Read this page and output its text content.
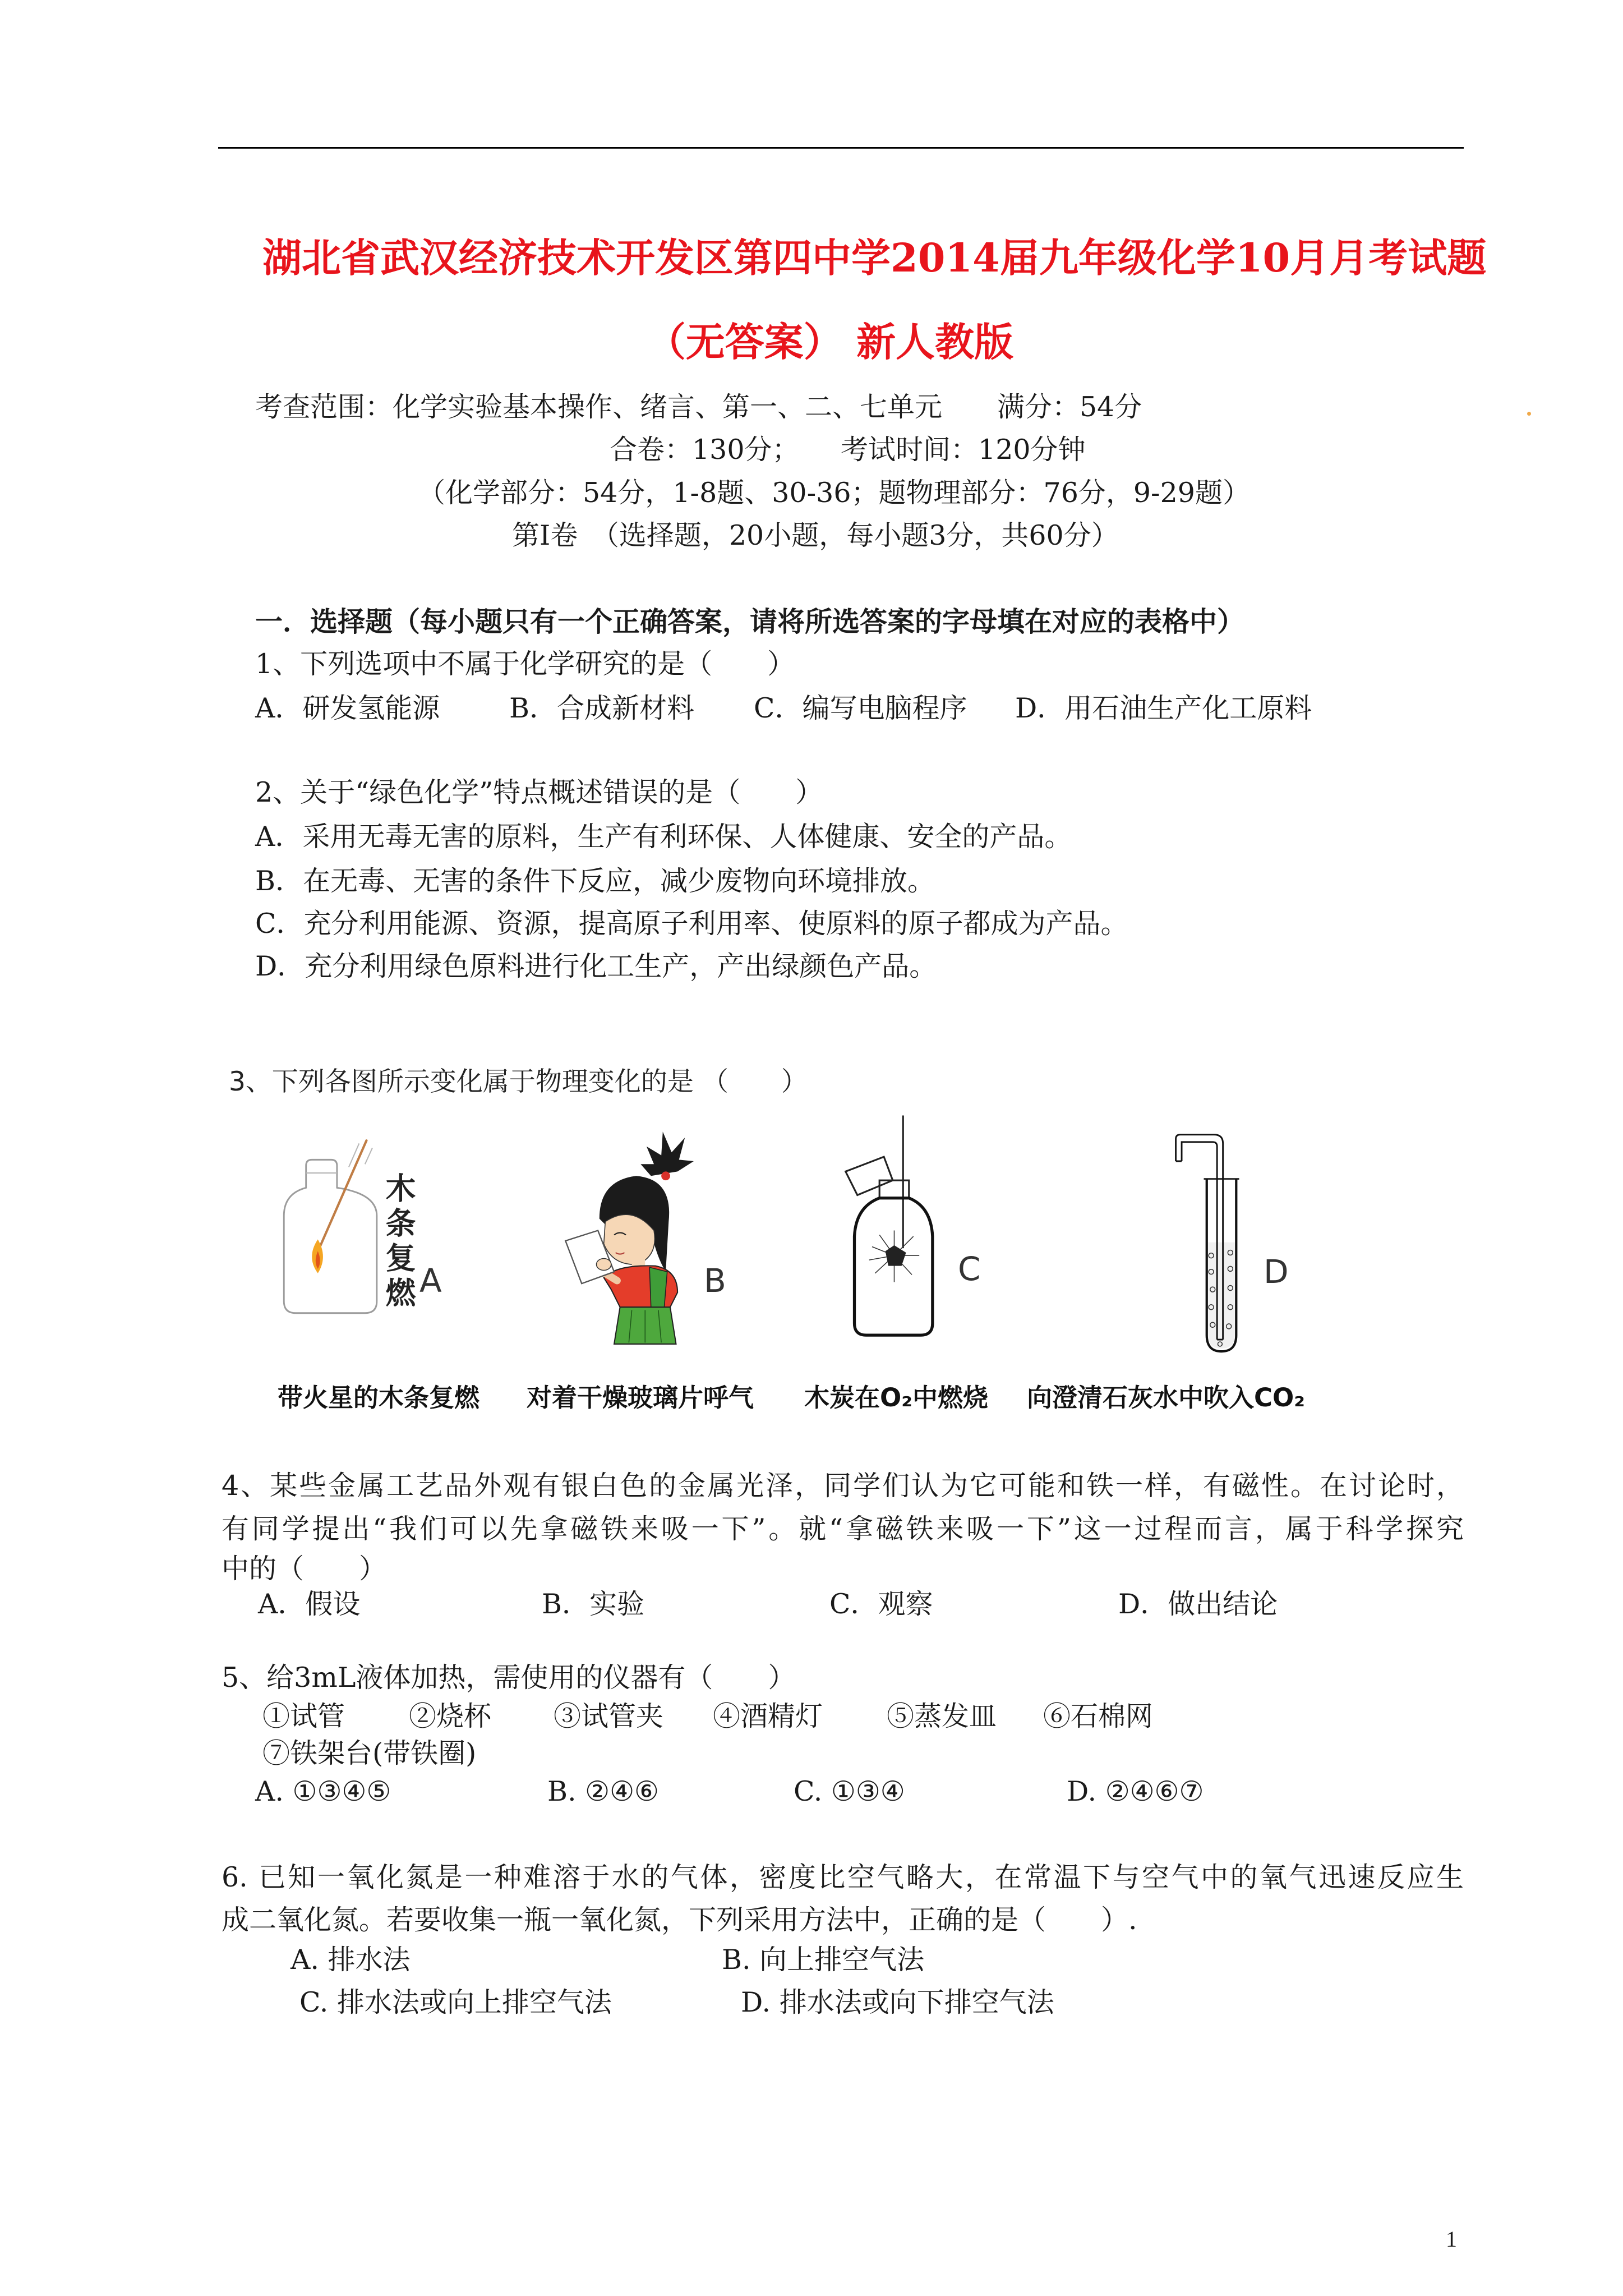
湖北省武汉经济技术开发区第四中学2014届九年级化学10月月考试题
（无答案） 新人教版
考查范围：化学实验基本操作、绪言、第一、二、七单元　　满分：54分
合卷：130分；　　考试时间：120分钟
（化学部分：54分，1-8题、30-36；题物理部分：76分，9-29题）
第Ⅰ卷　（选择题，20小题，每小题3分，共60分）
一．选择题（每小题只有一个正确答案，请将所选答案的字母填在对应的表格中）
1、下列选项中不属于化学研究的是（　　）
A．研发氢能源	B．合成新材料 C．编写电脑程序 D．用石油生产化工原料
2、关于“绿色化学”特点概述错误的是（　　）
A．采用无毒无害的原料，生产有利环保、人体健康、安全的产品。
B．在无毒、无害的条件下反应，减少废物向环境排放。
C．充分利用能源、资源，提高原子利用率、使原料的原子都成为产品。
D．充分利用绿色原料进行化工生产，产出绿颜色产品。
3、下列各图所示变化属于物理变化的是 （　　）
木条复燃 A	B	C	D
带火星的木条复燃 对着干燥玻璃片呼气 木炭在O₂中燃烧 向澄清石灰水中吹入CO₂
4、某些金属工艺品外观有银白色的金属光泽，同学们认为它可能和铁一样，有磁性。在讨论时，
有同学提出“我们可以先拿磁铁来吸一下”。就“拿磁铁来吸一下”这一过程而言，属于科学探究
中的（　　）
A．假设	B．实验	C．观察	D．做出结论
5、给3mL液体加热，需使用的仪器有（　　）
①试管 ②烧杯 ③试管夹 ④酒精灯 ⑤蒸发皿 ⑥石棉网
⑦铁架台(带铁圈)
A. ①③④⑤	B. ②④⑥	C. ①③④	D. ②④⑥⑦
6. 已知一氧化氮是一种难溶于水的气体，密度比空气略大，在常温下与空气中的氧气迅速反应生
成二氧化氮。若要收集一瓶一氧化氮，下列采用方法中，正确的是（　　）.
A. 排水法	B. 向上排空气法
C. 排水法或向上排空气法	D. 排水法或向下排空气法
1
